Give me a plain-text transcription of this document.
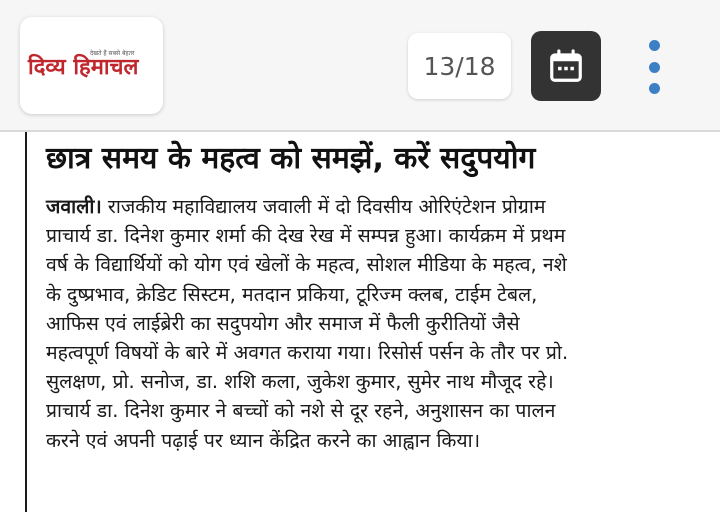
दिव्य हिमाचल
देखते हैं सबसे बेहतर	13/18
छात्र समय के महत्व को समझें, करें सदुपयोग
जवाली। राजकीय महाविद्यालय जवाली में दो दिवसीय ओरिएंटेशन प्रोग्राम
प्राचार्य डा. दिनेश कुमार शर्मा की देख रेख में सम्पन्न हुआ। कार्यक्रम में प्रथम
वर्ष के विद्यार्थियों को योग एवं खेलों के महत्व, सोशल मीडिया के महत्व, नशे
के दुष्प्रभाव, क्रेडिट सिस्टम, मतदान प्रकिया, टूरिज्म क्लब, टाईम टेबल,
आफिस एवं लाईब्रेरी का सदुपयोग और समाज में फैली कुरीतियों जैसे
महत्वपूर्ण विषयों के बारे में अवगत कराया गया। रिसोर्स पर्सन के तौर पर प्रो.
सुलक्षण, प्रो. सनोज, डा. शशि कला, जुकेश कुमार, सुमेर नाथ मौजूद रहे।
प्राचार्य डा. दिनेश कुमार ने बच्चों को नशे से दूर रहने, अनुशासन का पालन
करने एवं अपनी पढ़ाई पर ध्यान केंद्रित करने का आह्वान किया।
